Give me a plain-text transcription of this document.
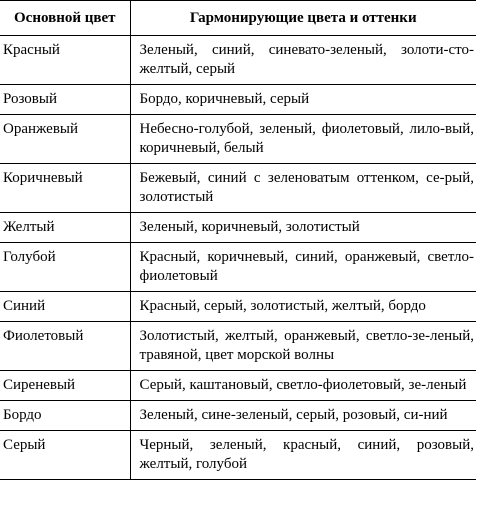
Основной цвет	Гармонирующие цвета и оттенки
Красный	Зеленый, синий, синевато-зеленый, золоти-сто-желтый, серый
Розовый	Бордо, коричневый, серый
Оранжевый	Небесно-голубой, зеленый, фиолетовый, лило-вый, коричневый, белый
Коричневый	Бежевый, синий с зеленоватым оттенком, се-рый, золотистый
Желтый	Зеленый, коричневый, золотистый
Голубой	Красный, коричневый, синий, оранжевый, светло-фиолетовый
Синий	Красный, серый, золотистый, желтый, бордо
Фиолетовый	Золотистый, желтый, оранжевый, светло-зе-леный, травяной, цвет морской волны
Сиреневый	Серый, каштановый, светло-фиолетовый, зе-леный
Бордо	Зеленый, сине-зеленый, серый, розовый, си-ний
Серый	Черный, зеленый, красный, синий, розовый, желтый, голубой
